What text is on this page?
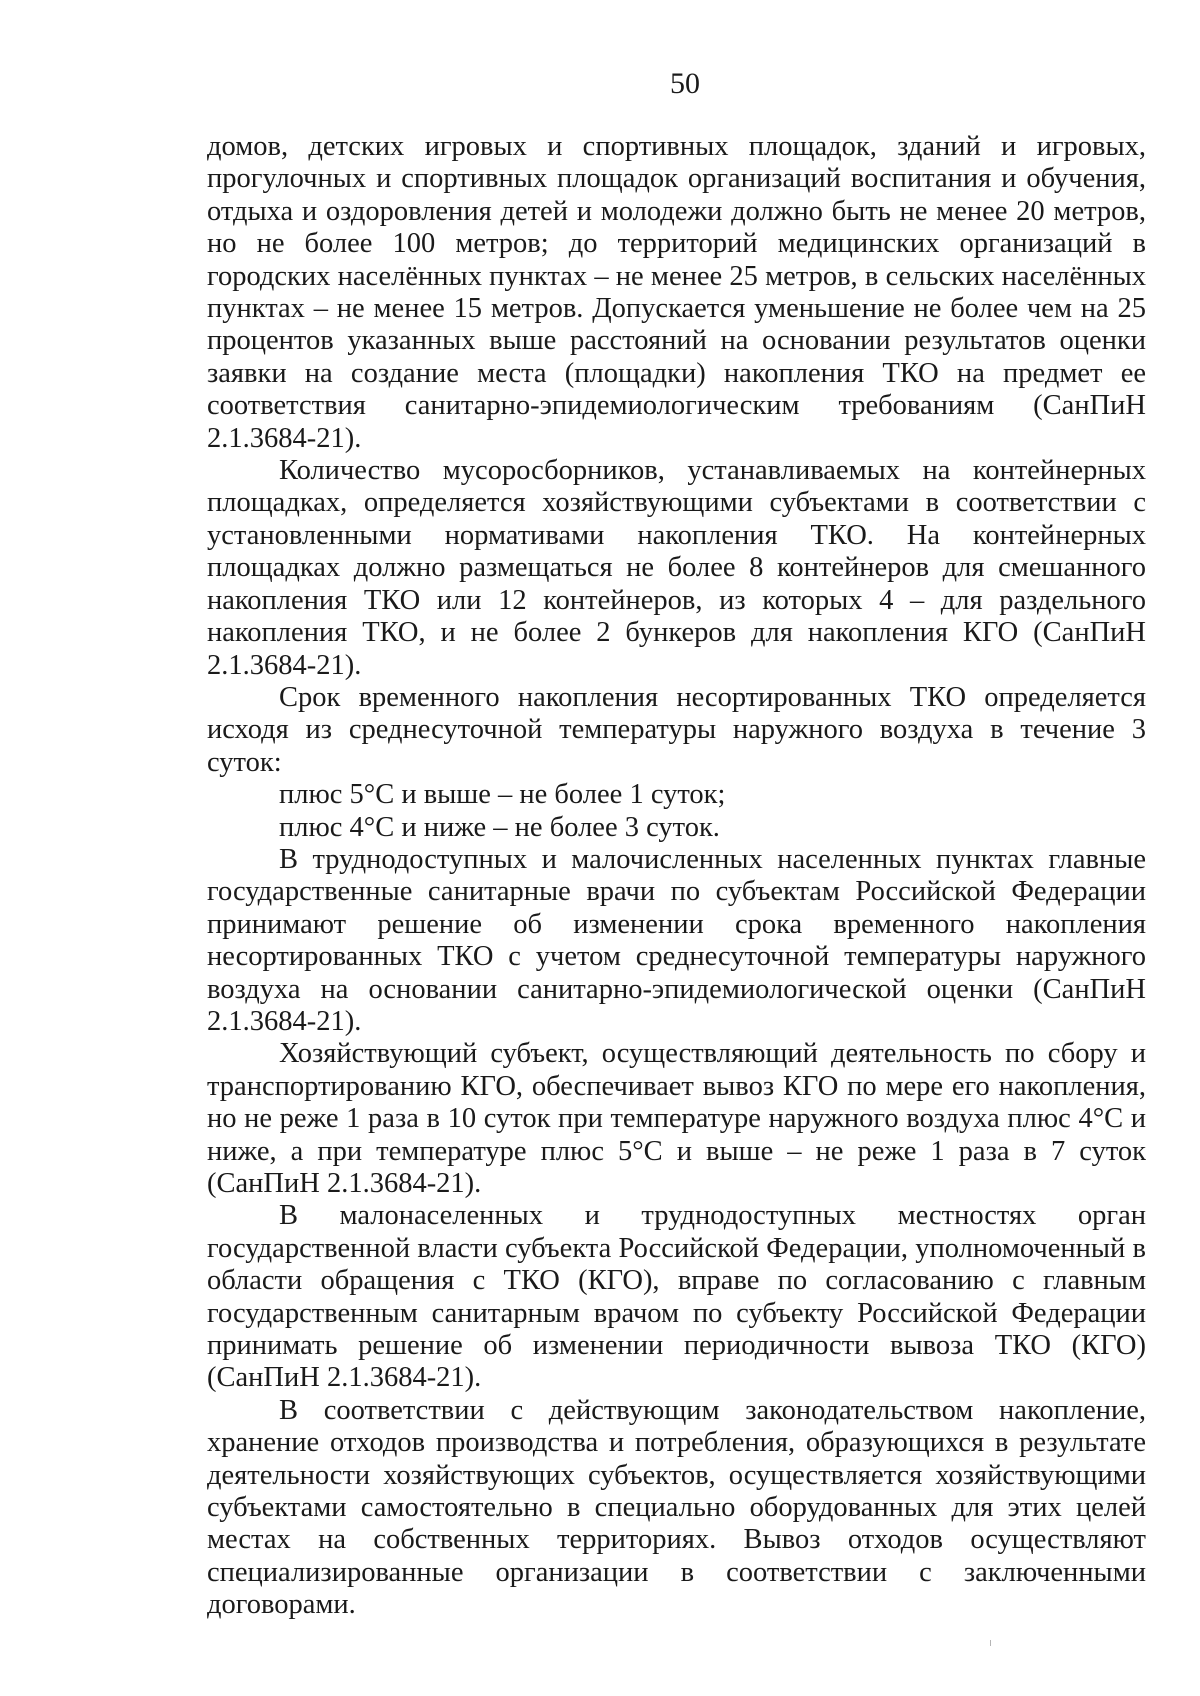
50

домов, детских игровых и спортивных площадок, зданий и игровых, прогулочных и спортивных площадок организаций воспитания и обучения, отдыха и оздоровления детей и молодежи должно быть не менее 20 метров, но не более 100 метров; до территорий медицинских организаций в городских населённых пунктах – не менее 25 метров, в сельских населённых пунктах – не менее 15 метров. Допускается уменьшение не более чем на 25 процентов указанных выше расстояний на основании результатов оценки заявки на создание места (площадки) накопления ТКО на предмет ее соответствия санитарно-эпидемиологическим требованиям (СанПиН 2.1.3684-21).

Количество мусоросборников, устанавливаемых на контейнерных площадках, определяется хозяйствующими субъектами в соответствии с установленными нормативами накопления ТКО. На контейнерных площадках должно размещаться не более 8 контейнеров для смешанного накопления ТКО или 12 контейнеров, из которых 4 – для раздельного накопления ТКО, и не более 2 бункеров для накопления КГО (СанПиН 2.1.3684-21).

Срок временного накопления несортированных ТКО определяется исходя из среднесуточной температуры наружного воздуха в течение 3 суток:

плюс 5°С и выше – не более 1 суток;

плюс 4°С и ниже – не более 3 суток.

В труднодоступных и малочисленных населенных пунктах главные государственные санитарные врачи по субъектам Российской Федерации принимают решение об изменении срока временного накопления несортированных ТКО с учетом среднесуточной температуры наружного воздуха на основании санитарно-эпидемиологической оценки (СанПиН 2.1.3684-21).

Хозяйствующий субъект, осуществляющий деятельность по сбору и транспортированию КГО, обеспечивает вывоз КГО по мере его накопления, но не реже 1 раза в 10 суток при температуре наружного воздуха плюс 4°С и ниже, а при температуре плюс 5°С и выше – не реже 1 раза в 7 суток (СанПиН 2.1.3684-21).

В малонаселенных и труднодоступных местностях орган государственной власти субъекта Российской Федерации, уполномоченный в области обращения с ТКО (КГО), вправе по согласованию с главным государственным санитарным врачом по субъекту Российской Федерации принимать решение об изменении периодичности вывоза ТКО (КГО) (СанПиН 2.1.3684-21).

В соответствии с действующим законодательством накопление, хранение отходов производства и потребления, образующихся в результате деятельности хозяйствующих субъектов, осуществляется хозяйствующими субъектами самостоятельно в специально оборудованных для этих целей местах на собственных территориях. Вывоз отходов осуществляют специализированные организации в соответствии с заключенными договорами.
